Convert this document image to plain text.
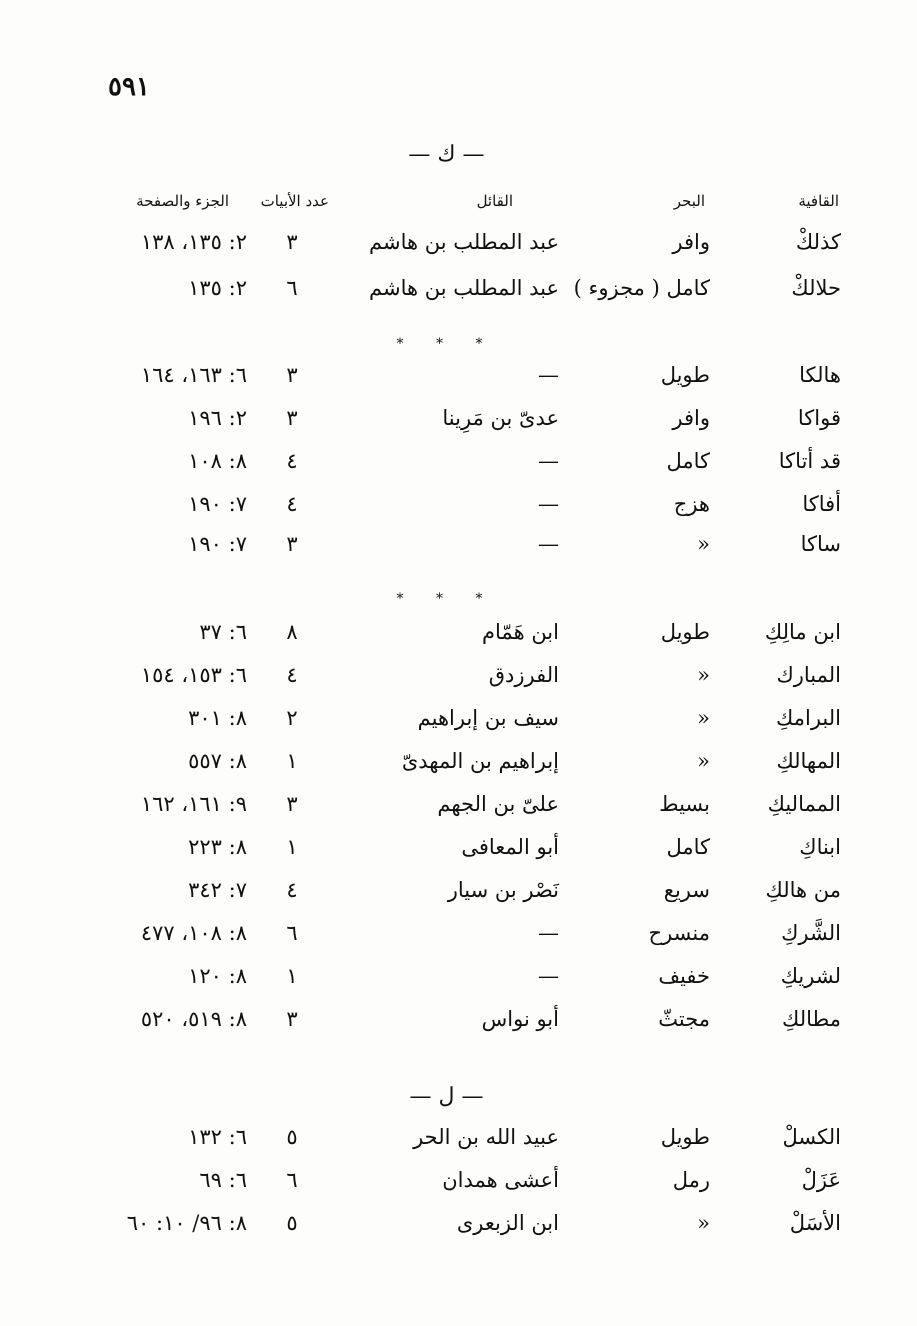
٥٩١
— ك —
القافية
البحر
القائل
عدد الأبيات
الجزء والصفحة
كذلكْ
وافر
عبد المطلب بن هاشم
٣
٢: ١٣٥، ١٣٨
حلالكْ
كامل ( مجزوء )
عبد المطلب بن هاشم
٦
٢: ١٣٥
* * *
هالكا
طويل
—
٣
٦: ١٦٣، ١٦٤
قواكا
وافر
عدىّ بن مَرِينا
٣
٢: ١٩٦
قد أتاكا
كامل
—
٤
٨: ١٠٨
أفاكا
هزج
—
٤
٧: ١٩٠
ساكا
»
—
٣
٧: ١٩٠
* * *
ابن مالِكِ
طويل
ابن هَمّام
٨
٦: ٣٧
المبارك
»
الفرزدق
٤
٦: ١٥٣، ١٥٤
البرامكِ
»
سيف بن إبراهيم
٢
٨: ٣٠١
المهالكِ
»
إبراهيم بن المهدىّ
١
٨: ٥٥٧
المماليكِ
بسيط
علىّ بن الجهم
٣
٩: ١٦١، ١٦٢
ابناكِ
كامل
أبو المعافى
١
٨: ٢٢٣
من هالكِ
سريع
نَصْر بن سيار
٤
٧: ٣٤٢
الشَّركِ
منسرح
—
٦
٨: ١٠٨، ٤٧٧
لشريكِ
خفيف
—
١
٨: ١٢٠
مطالكِ
مجتثّ
أبو نواس
٣
٨: ٥١٩، ٥٢٠
— ل —
الكسلْ
طويل
عبيد الله بن الحر
٥
٦: ١٣٢
عَزَلْ
رمل
أعشى همدان
٦
٦: ٦٩
الأسَلْ
»
ابن الزبعرى
٥
٨: ٩٦/ ١٠: ٦٠
